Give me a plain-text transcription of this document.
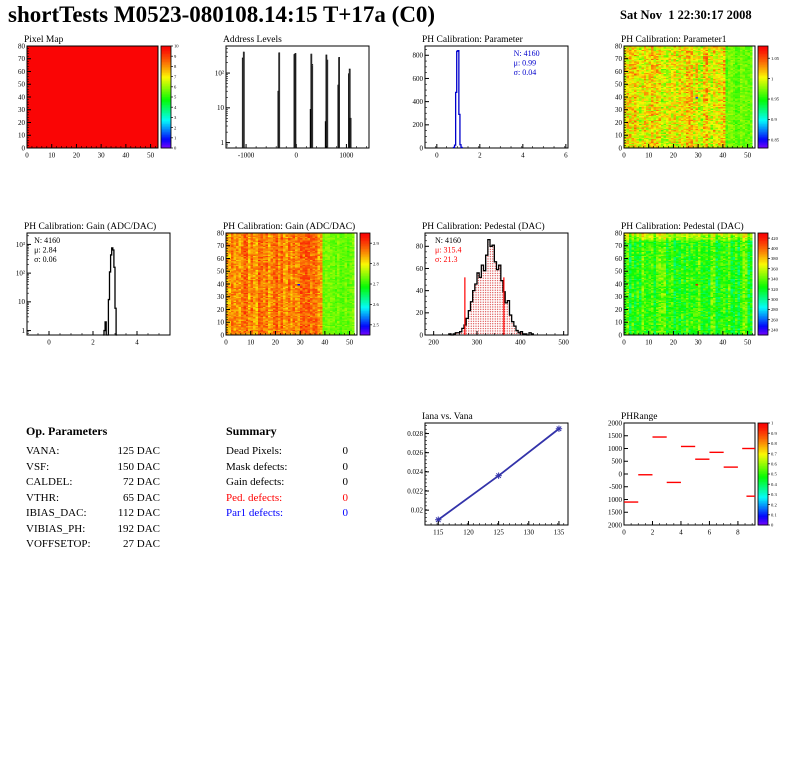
shortTests M0523-080108.14:15 T+17a (C0)	Sat Nov  1 22:30:17 2008
Pixel Map
0	10	20	30	40	50
0
10
20
30
40
50
60
70
80	10
9
8
7
6
5
4
3
2
1
0
Address Levels
-1000	0	1000
1
10
10²
PH Calibration: Parameter
0	2	4	6
0
200
400
600
800	N: 4160
μ: 0.99
σ: 0.04
PH Calibration: Parameter1
0	10	20	30	40	50
0
10
20
30
40
50
60
70
80
1.05
1
0.95
0.9
0.85
PH Calibration: Gain (ADC/DAC)
0	2	4
1
10
10²
10³ N: 4160
μ: 2.84
σ: 0.06
PH Calibration: Gain (ADC/DAC)
0	10	20	30	40	50
0
10
20
30
40
50
60
70
80
2.9
2.8
2.7
2.6
2.5
PH Calibration: Pedestal (DAC)
200	300	400	500
0
20
40
60
80
N: 4160
μ: 315.4
σ: 21.3
PH Calibration: Pedestal (DAC)
0	10	20	30	40	50
0
10
20
30
40
50
60
70
80
420
400
380
360
340
320
300
280
260
240
Iana vs. Vana
115	120	125	130	135
0.02
0.022
0.024
0.026
0.028
PHRange
0	2	4	6	8
2000
1500
1000
500
0
-500
1000
1500
2000
1
0.9
0.8
0.7
0.6
0.5
0.4
0.3
0.2
0.1
0
Op. Parameters
VANA:	125 DAC
VSF:	150 DAC
CALDEL:	72 DAC
VTHR:	65 DAC
IBIAS_DAC:	112 DAC
VIBIAS_PH:	192 DAC
VOFFSETOP:	27 DAC
Summary
Dead Pixels:	0
Mask defects:	0
Gain defects:	0
Ped. defects:	0
Par1 defects:	0
